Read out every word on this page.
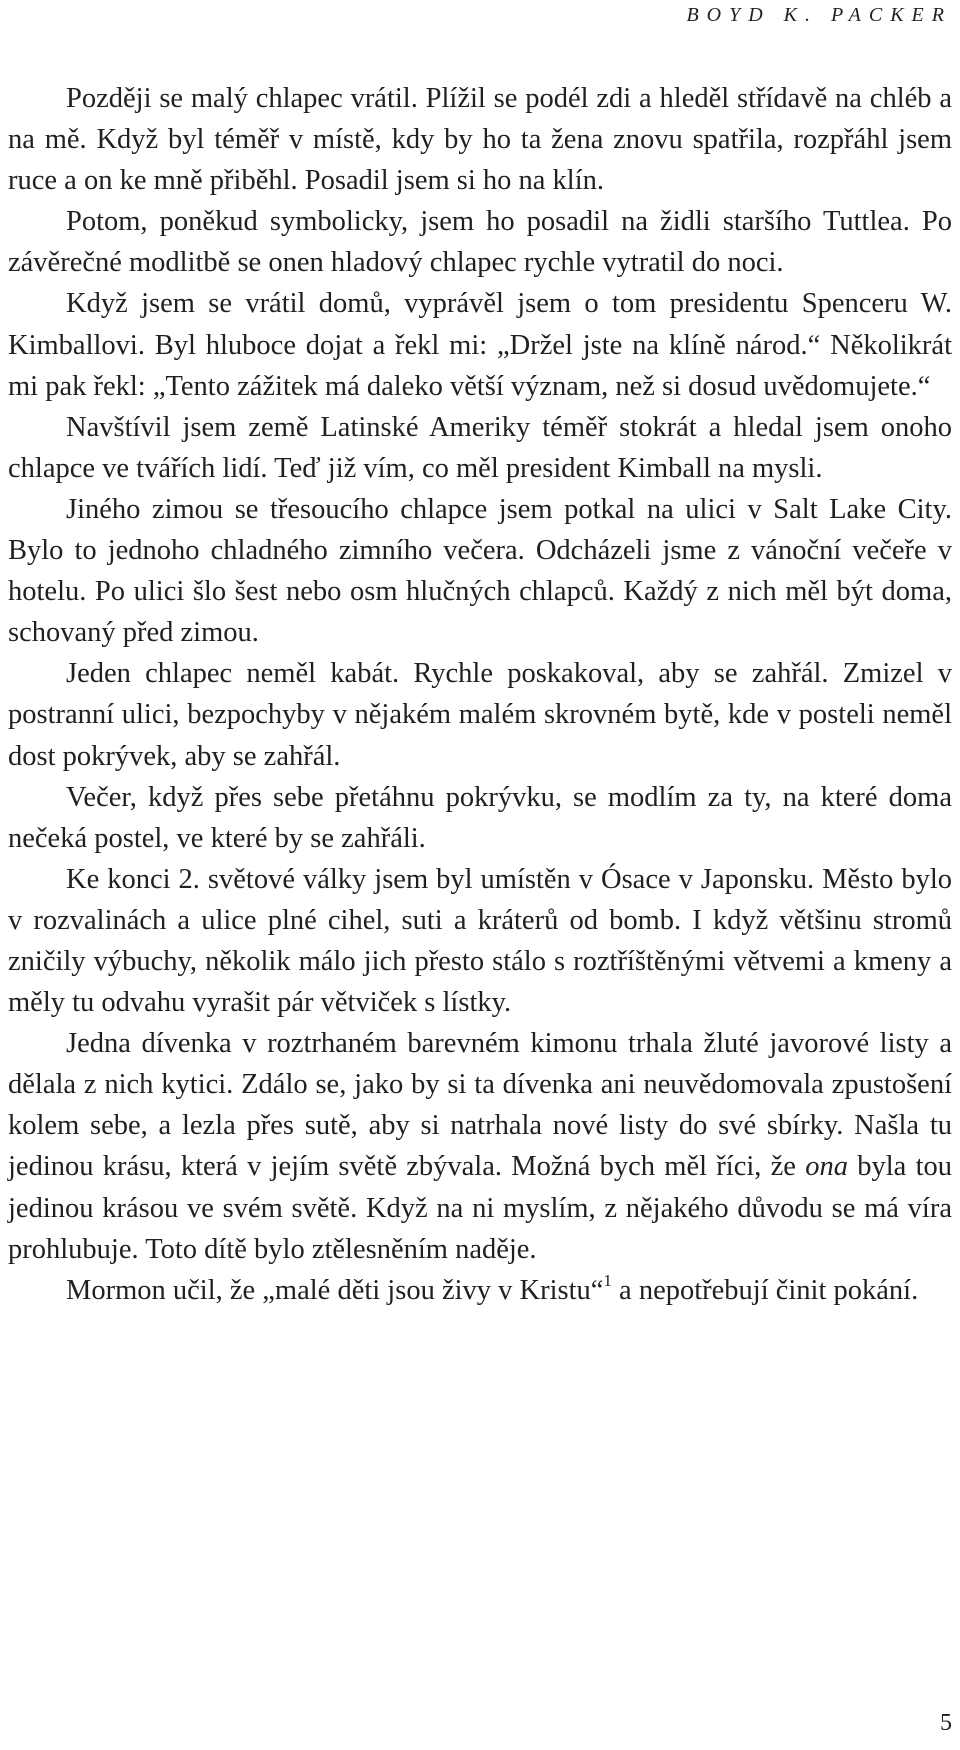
BOYD K. PACKER

Později se malý chlapec vrátil. Plížil se podél zdi a hleděl střídavě na chléb a na mě. Když byl téměř v místě, kdy by ho ta žena znovu spatřila, rozpřáhl jsem ruce a on ke mně přiběhl. Posadil jsem si ho na klín.

Potom, poněkud symbolicky, jsem ho posadil na židli staršího Tuttlea. Po závěrečné modlitbě se onen hladový chlapec rychle vytratil do noci.

Když jsem se vrátil domů, vyprávěl jsem o tom presidentu Spenceru W. Kimballovi. Byl hluboce dojat a řekl mi: „Držel jste na klíně národ.“ Několikrát mi pak řekl: „Tento zážitek má daleko větší význam, než si dosud uvědomujete.“

Navštívil jsem země Latinské Ameriky téměř stokrát a hledal jsem onoho chlapce ve tvářích lidí. Teď již vím, co měl president Kimball na mysli.

Jiného zimou se třesoucího chlapce jsem potkal na ulici v Salt Lake City. Bylo to jednoho chladného zimního večera. Odcházeli jsme z vánoční večeře v hotelu. Po ulici šlo šest nebo osm hlučných chlapců. Každý z nich měl být doma, schovaný před zimou.

Jeden chlapec neměl kabát. Rychle poskakoval, aby se zahřál. Zmizel v postranní ulici, bezpochyby v nějakém malém skrovném bytě, kde v posteli neměl dost pokrývek, aby se zahřál.

Večer, když přes sebe přetáhnu pokrývku, se modlím za ty, na které doma nečeká postel, ve které by se zahřáli.

Ke konci 2. světové války jsem byl umístěn v Ósace v Japonsku. Město bylo v rozvalinách a ulice plné cihel, suti a kráterů od bomb. I když většinu stromů zničily výbuchy, několik málo jich přesto stálo s roztříštěnými větvemi a kmeny a měly tu odvahu vyrašit pár větviček s lístky.

Jedna dívenka v roztrhaném barevném kimonu trhala žluté javorové listy a dělala z nich kytici. Zdálo se, jako by si ta dívenka ani neuvědomovala zpustošení kolem sebe, a lezla přes sutě, aby si natrhala nové listy do své sbírky. Našla tu jedinou krásu, která v jejím světě zbývala. Možná bych měl říci, že ona byla tou jedinou krásou ve svém světě. Když na ni myslím, z nějakého důvodu se má víra prohlubuje. Toto dítě bylo ztělesněním naděje.

Mormon učil, že „malé děti jsou živy v Kristu“$^1$ a nepotřebují činit pokání.

5
